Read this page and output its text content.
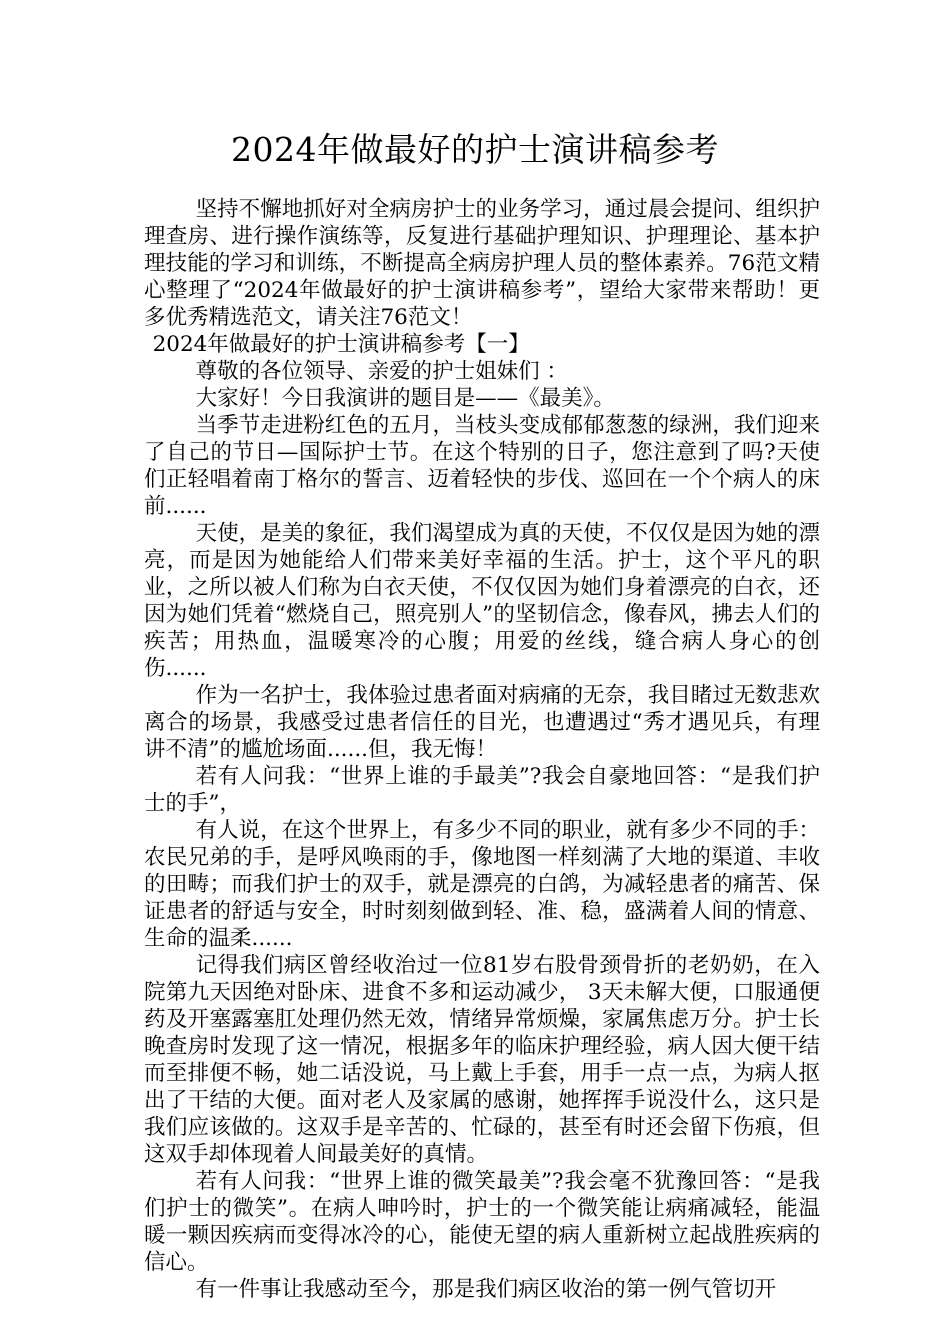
2024年做最好的护士演讲稿参考

坚持不懈地抓好对全病房护士的业务学习，通过晨会提问、组织护理查房、进行操作演练等，反复进行基础护理知识、护理理论、基本护理技能的学习和训练，不断提高全病房护理人员的整体素养。76范文精心整理了“2024年做最好的护士演讲稿参考”，望给大家带来帮助！更多优秀精选范文，请关注76范文！

2024年做最好的护士演讲稿参考【一】

尊敬的各位领导、亲爱的护士姐妹们 ：

大家好！今日我演讲的题目是——《最美》。

当季节走进粉红色的五月，当枝头变成郁郁葱葱的绿洲，我们迎来了自己的节日—国际护士节。在这个特别的日子，您注意到了吗?天使们正轻唱着南丁格尔的誓言、迈着轻快的步伐、巡回在一个个病人的床前......

天使，是美的象征，我们渴望成为真的天使，不仅仅是因为她的漂亮，而是因为她能给人们带来美好幸福的生活。护士，这个平凡的职业，之所以被人们称为白衣天使，不仅仅因为她们身着漂亮的白衣，还因为她们凭着“燃烧自己，照亮别人”的坚韧信念，像春风，拂去人们的疾苦；用热血，温暖寒冷的心腹；用爱的丝线，缝合病人身心的创伤......

作为一名护士，我体验过患者面对病痛的无奈，我目睹过无数悲欢离合的场景，我感受过患者信任的目光，也遭遇过“秀才遇见兵，有理讲不清”的尴尬场面......但，我无悔！

若有人问我：“世界上谁的手最美”?我会自豪地回答：“是我们护士的手”，

有人说，在这个世界上，有多少不同的职业，就有多少不同的手：农民兄弟的手，是呼风唤雨的手，像地图一样刻满了大地的渠道、丰收的田畴；而我们护士的双手，就是漂亮的白鸽，为减轻患者的痛苦、保证患者的舒适与安全，时时刻刻做到轻、准、稳，盛满着人间的情意、生命的温柔......

记得我们病区曾经收治过一位81岁右股骨颈骨折的老奶奶，在入院第九天因绝对卧床、进食不多和运动减少， 3天未解大便，口服通便药及开塞露塞肛处理仍然无效，情绪异常烦燥，家属焦虑万分。护士长晚查房时发现了这一情况，根据多年的临床护理经验，病人因大便干结而至排便不畅，她二话没说，马上戴上手套，用手一点一点，为病人抠出了干结的大便。面对老人及家属的感谢，她挥挥手说没什么，这只是我们应该做的。这双手是辛苦的、忙碌的，甚至有时还会留下伤痕，但这双手却体现着人间最美好的真情。

若有人问我：“世界上谁的微笑最美”?我会毫不犹豫回答：“是我们护士的微笑”。在病人呻吟时，护士的一个微笑能让病痛减轻，能温暖一颗因疾病而变得冰冷的心，能使无望的病人重新树立起战胜疾病的信心。

有一件事让我感动至今，那是我们病区收治的第一例气管切开
